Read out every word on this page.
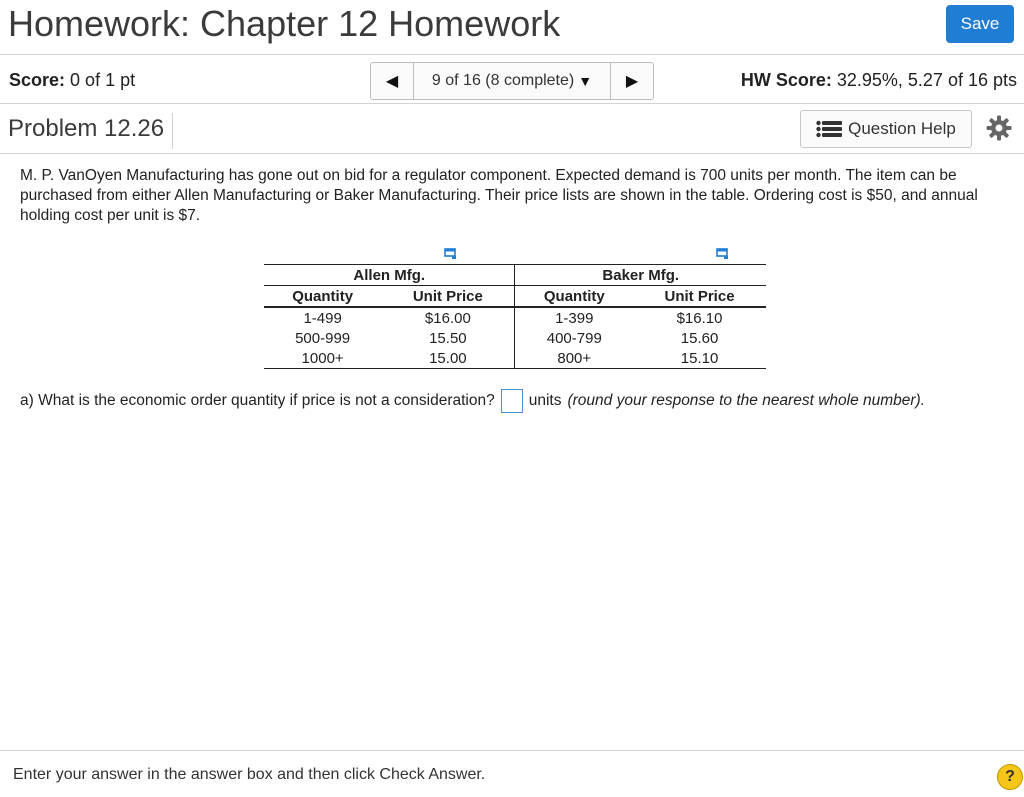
Homework: Chapter 12 Homework	Save
Score: 0 of 1 pt	◀ 9 of 16 (8 complete) ▼ ▶	HW Score: 32.95%, 5.27 of 16 pts
Problem 12.26	Question Help
M. P. VanOyen Manufacturing has gone out on bid for a regulator component. Expected demand is 700 units per month. The item can be purchased from either Allen Manufacturing or Baker Manufacturing. Their price lists are shown in the table. Ordering cost is $50, and annual holding cost per unit is $7.
Allen Mfg.		Baker Mfg.	
Quantity	Unit Price	Quantity	Unit Price
1-499	$16.00	1-399	$16.10
500-999	15.50	400-799	15.60
1000+	15.00	800+	15.10
a) What is the economic order quantity if price is not a consideration? units (round your response to the nearest whole number).
Enter your answer in the answer box and then click Check Answer.	?
